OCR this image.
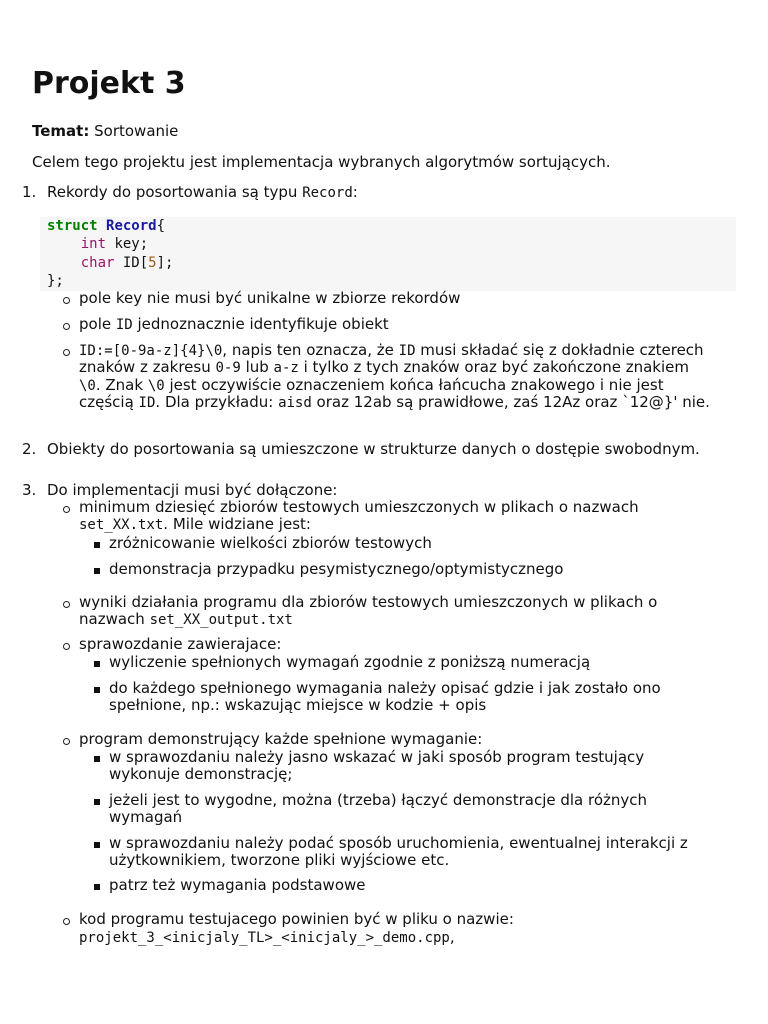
Projekt 3

Temat: Sortowanie

Celem tego projektu jest implementacja wybranych algorytmów sortujących.

1. Rekordy do posortowania są typu Record:

struct Record{
int key;
char ID[5];
};

pole key nie musi być unikalne w zbiorze rekordów

pole ID jednoznacznie identyfikuje obiekt

ID:=[0-9a-z]{4}\0, napis ten oznacza, że ID musi składać się z dokładnie czterech

znaków z zakresu 0-9 lub a-z i tylko z tych znaków oraz być zakończone znakiem

\0. Znak \0 jest oczywiście oznaczeniem końca łańcucha znakowego i nie jest

częścią ID. Dla przykładu: aisd oraz 12ab są prawidłowe, zaś 12Az oraz `12@}' nie.

2. Obiekty do posortowania są umieszczone w strukturze danych o dostępie swobodnym.

3. Do implementacji musi być dołączone:

minimum dziesięć zbiorów testowych umieszczonych w plikach o nazwach

set_XX.txt. Mile widziane jest:

zróżnicowanie wielkości zbiorów testowych

demonstracja przypadku pesymistycznego/optymistycznego

wyniki działania programu dla zbiorów testowych umieszczonych w plikach o

nazwach set_XX_output.txt

sprawozdanie zawierajace:

wyliczenie spełnionych wymagań zgodnie z poniższą numeracją

do każdego spełnionego wymagania należy opisać gdzie i jak zostało ono

spełnione, np.: wskazując miejsce w kodzie + opis

program demonstrujący każde spełnione wymaganie:

w sprawozdaniu należy jasno wskazać w jaki sposób program testujący

wykonuje demonstrację;

jeżeli jest to wygodne, można (trzeba) łączyć demonstracje dla różnych

wymagań

w sprawozdaniu należy podać sposób uruchomienia, ewentualnej interakcji z

użytkownikiem, tworzone pliki wyjściowe etc.

patrz też wymagania podstawowe

kod programu testujacego powinien być w pliku o nazwie:

projekt_3_<inicjaly_TL>_<inicjaly_>_demo.cpp,
